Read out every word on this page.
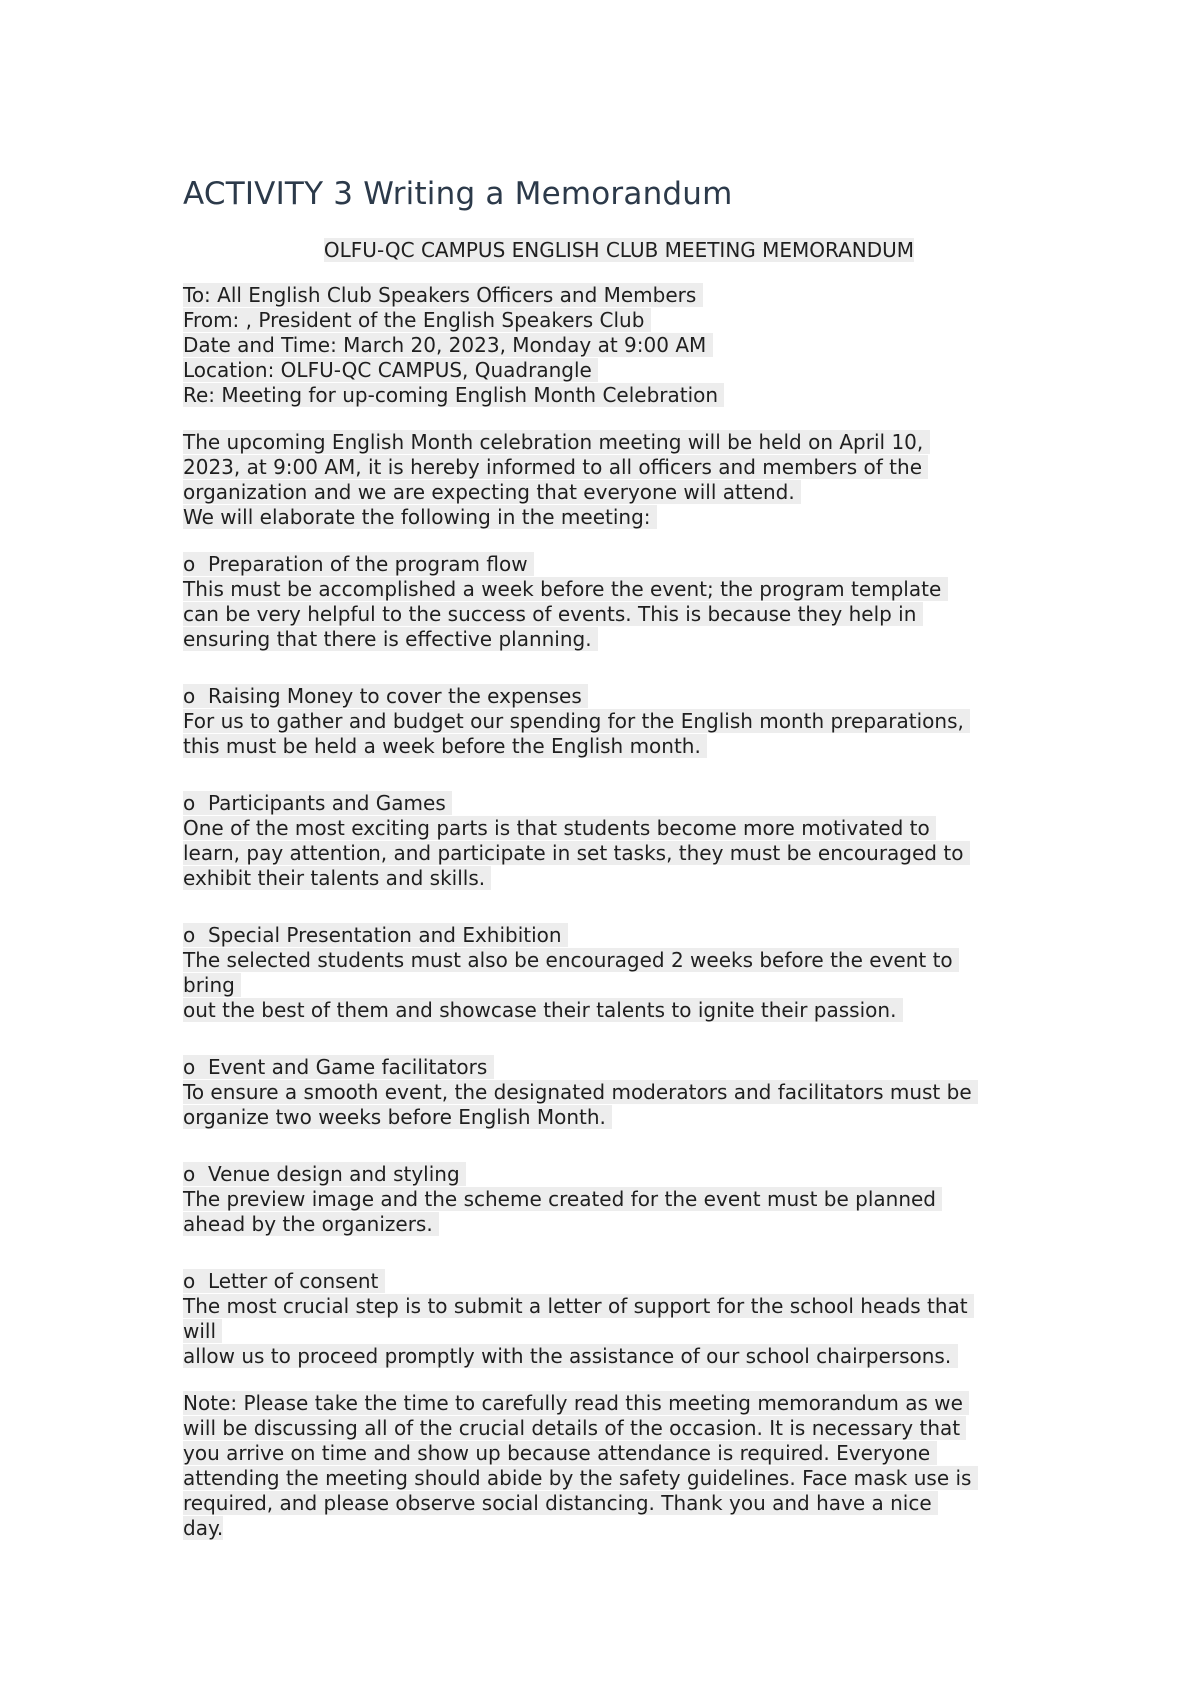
ACTIVITY 3 Writing a Memorandum
OLFU-QC CAMPUS ENGLISH CLUB MEETING MEMORANDUM
To: All English Club Speakers Officers and Members
From: , President of the English Speakers Club
Date and Time: March 20, 2023, Monday at 9:00 AM
Location: OLFU-QC CAMPUS, Quadrangle
Re: Meeting for up-coming English Month Celebration
The upcoming English Month celebration meeting will be held on April 10,
2023, at 9:00 AM, it is hereby informed to all officers and members of the
organization and we are expecting that everyone will attend.
We will elaborate the following in the meeting:
o  Preparation of the program flow
This must be accomplished a week before the event; the program template
can be very helpful to the success of events. This is because they help in
ensuring that there is effective planning.
o  Raising Money to cover the expenses
For us to gather and budget our spending for the English month preparations,
this must be held a week before the English month.
o  Participants and Games
One of the most exciting parts is that students become more motivated to
learn, pay attention, and participate in set tasks, they must be encouraged to
exhibit their talents and skills.
o  Special Presentation and Exhibition
The selected students must also be encouraged 2 weeks before the event to
bring
out the best of them and showcase their talents to ignite their passion.
o  Event and Game facilitators
To ensure a smooth event, the designated moderators and facilitators must be
organize two weeks before English Month.
o  Venue design and styling
The preview image and the scheme created for the event must be planned
ahead by the organizers.
o  Letter of consent
The most crucial step is to submit a letter of support for the school heads that
will
allow us to proceed promptly with the assistance of our school chairpersons.
Note: Please take the time to carefully read this meeting memorandum as we
will be discussing all of the crucial details of the occasion. It is necessary that
you arrive on time and show up because attendance is required. Everyone
attending the meeting should abide by the safety guidelines. Face mask use is
required, and please observe social distancing. Thank you and have a nice
day.
